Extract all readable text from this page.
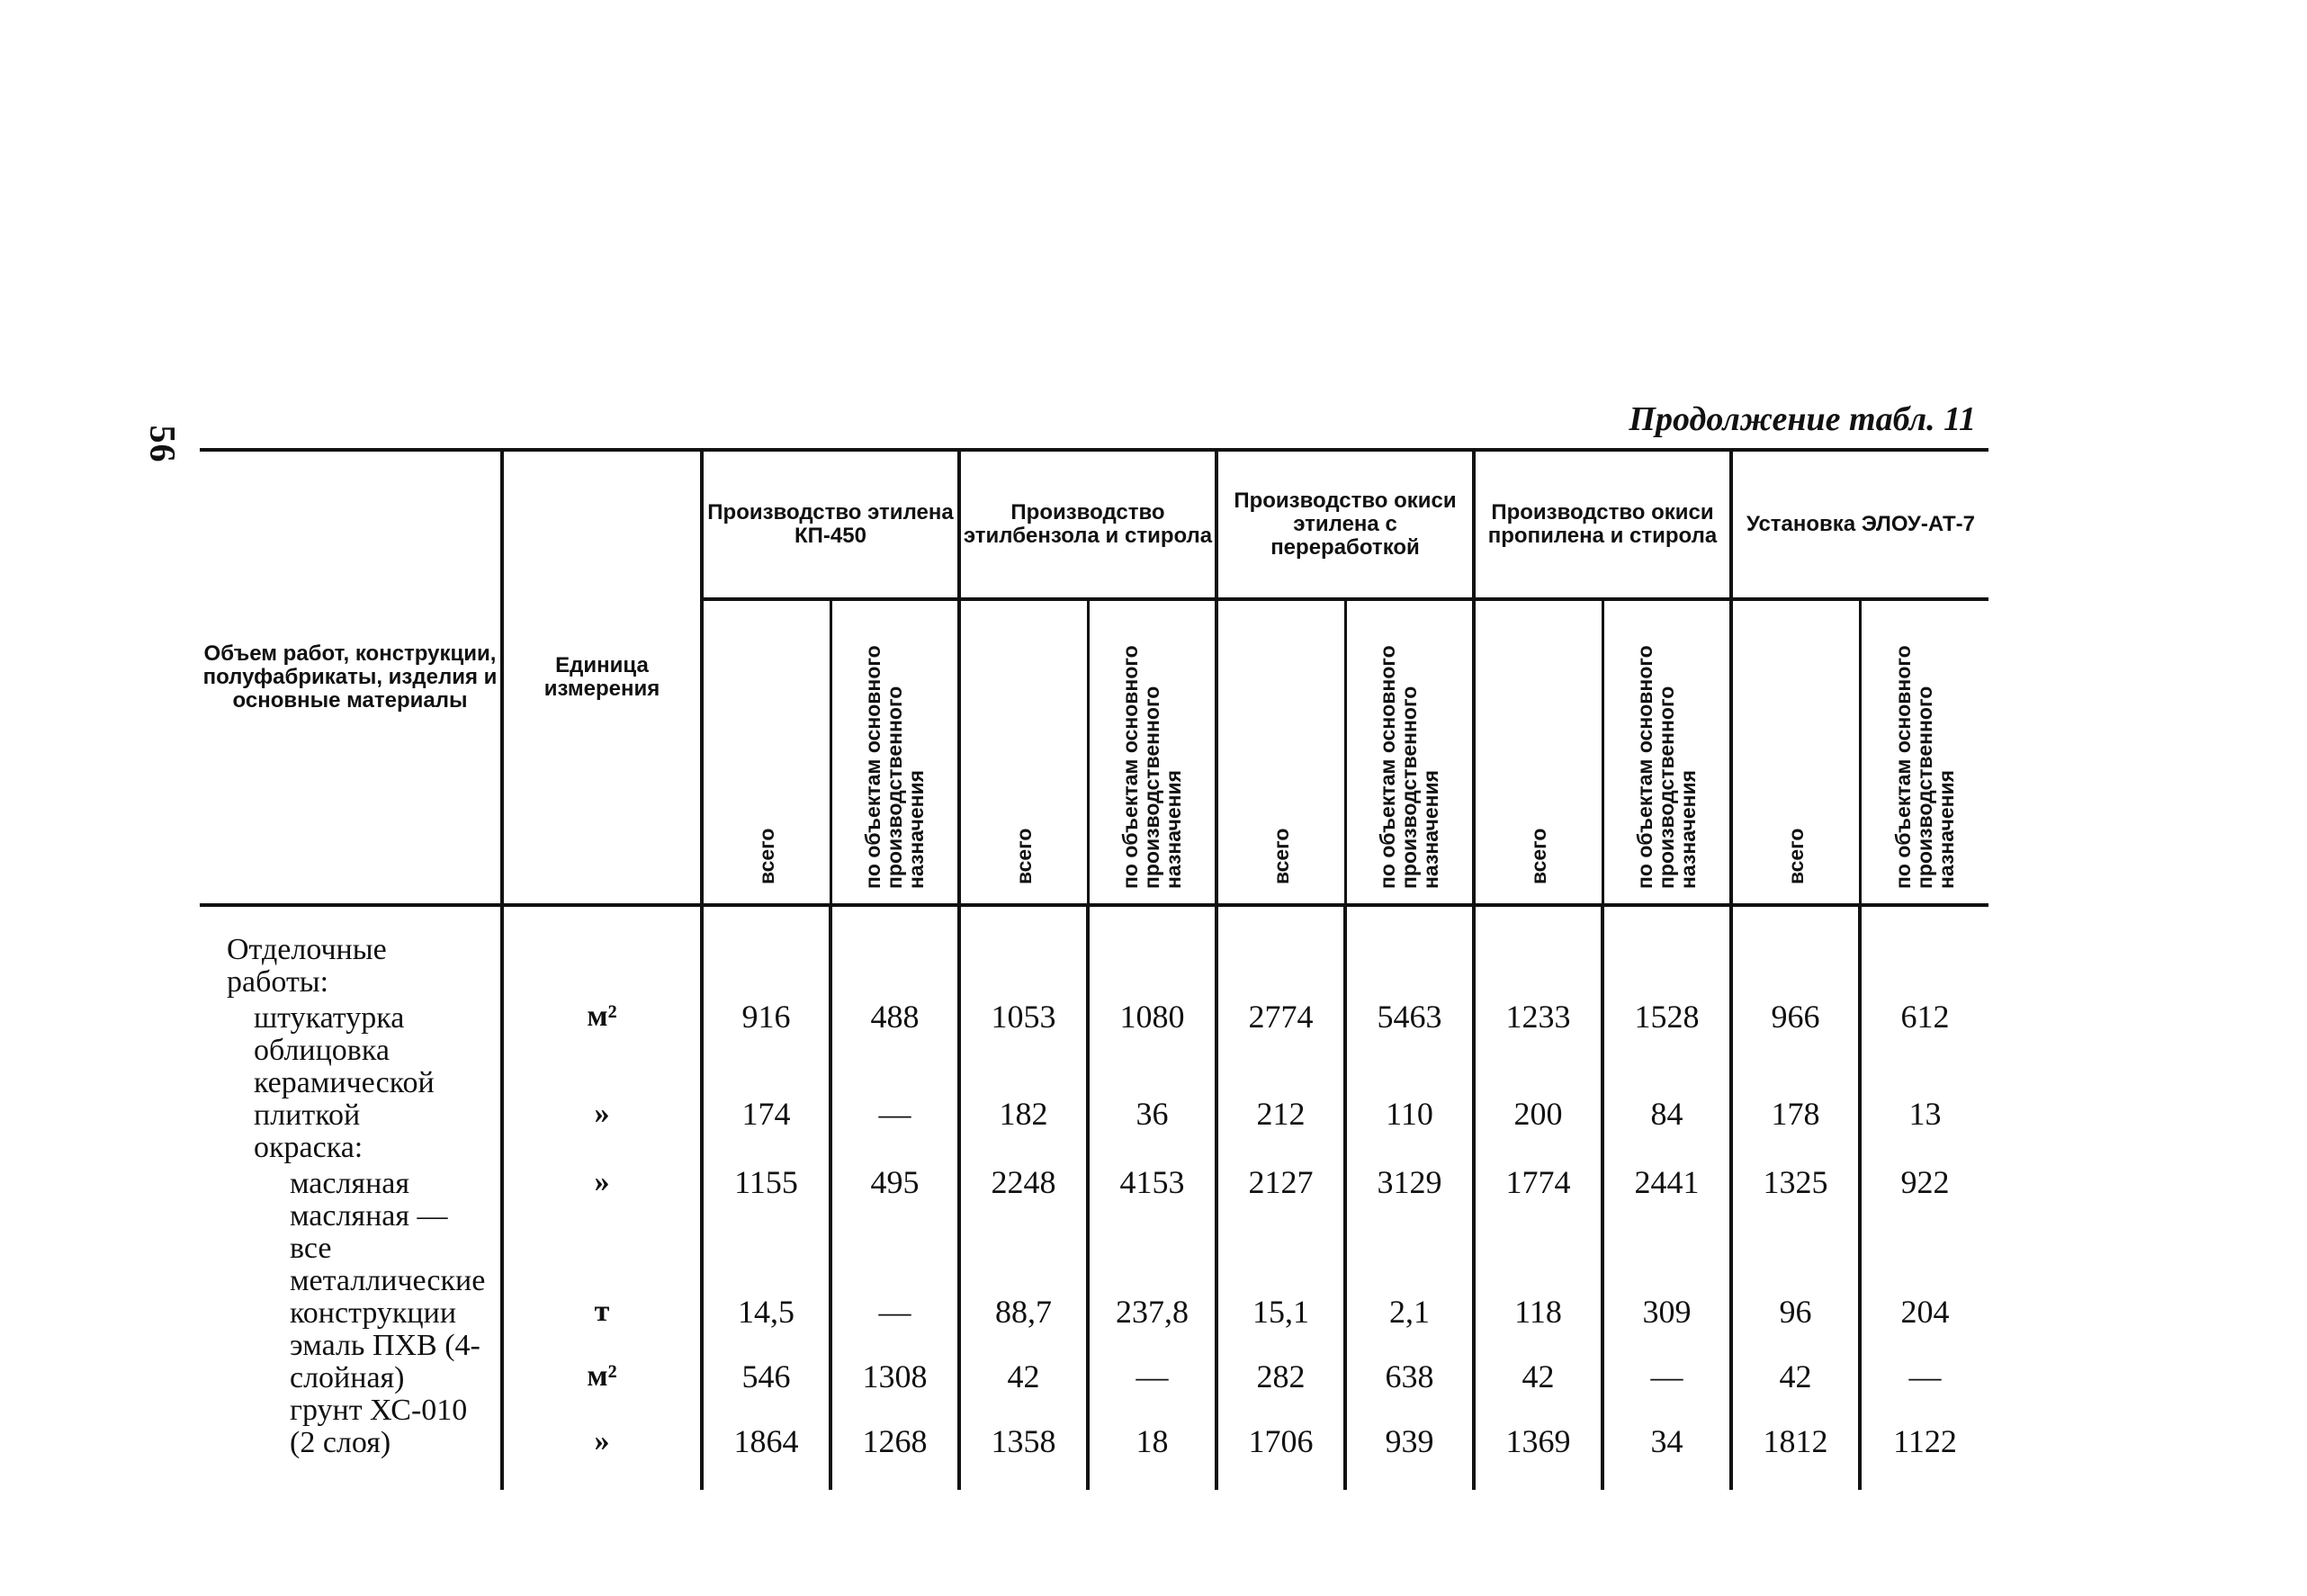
56
Продолжение табл. 11
Объем работ, конструкции, полуфабрикаты, изделия и основные материалы	Единица измерения	Производство этилена КП-450		Производство этилбензола и стирола		Производство окиси этилена с переработкой		Производство окиси пропилена и стирола		Установка ЭЛОУ-АТ-7	
		всего	по объектам основного производственного назначения	всего	по объектам основного производственного назначения	всего	по объектам основного производственного назначения	всего	по объектам основного производственного назначения	всего	по объектам основного производственного назначения

Отделочные работы:											

штукатурка	м²	916	488	1053	1080	2774	5463	1233	1528	966	612

облицовка керамической плиткой	»	174	—	182	36	212	110	200	84	178	13

окраска:											

масляная	»	1155	495	2248	4153	2127	3129	1774	2441	1325	922

масляная — все металлические конструкции	т	14,5	—	88,7	237,8	15,1	2,1	118	309	96	204

эмаль ПХВ (4-слойная)	м²	546	1308	42	—	282	638	42	—	42	—

грунт ХС-010 (2 слоя)	»	1864	1268	1358	18	1706	939	1369	34	1812	1122
